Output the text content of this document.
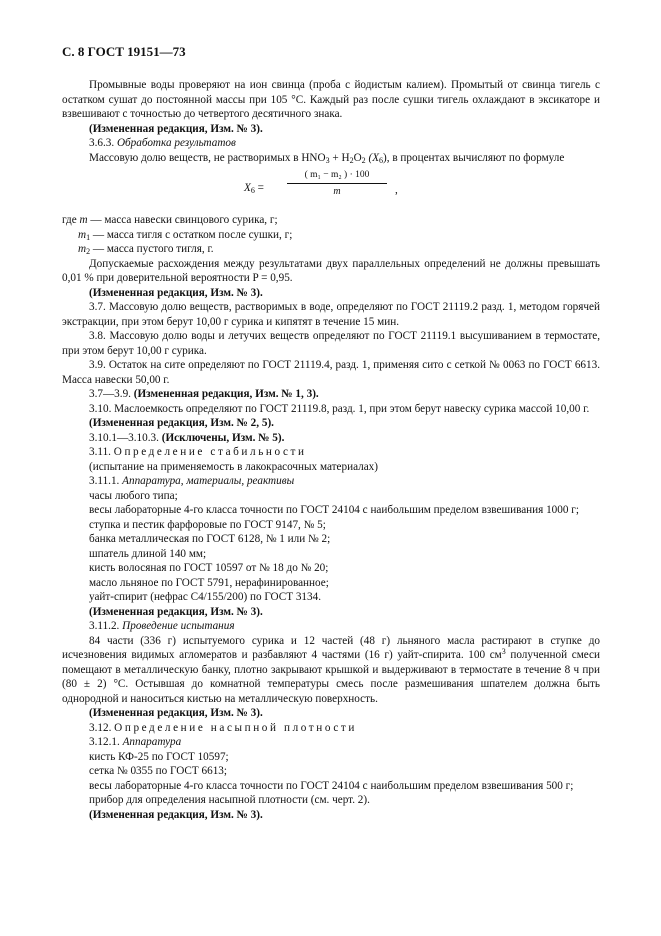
С. 8 ГОСТ 19151—73

Промывные воды проверяют на ион свинца (проба с йодистым калием). Промытый от свинца тигель с остатком сушат до постоянной массы при 105 °С. Каждый раз после сушки тигель охлаждают в эксикаторе и взвешивают с точностью до четвертого десятичного знака.

(Измененная редакция, Изм. № 3).

3.6.3. Обработка результатов

Массовую долю веществ, не растворимых в $HNO_3 + H_2O_2$ $(X_6)$, в процентах вычисляют по формуле

$X_6 = \frac{\text{( m₁ − m₂ ) · 100}}{m}$ ,

где m — масса навески свинцового сурика, г;

$m_1$ — масса тигля с остатком после сушки, г;

$m_2$ — масса пустого тигля, г.

Допускаемые расхождения между результатами двух параллельных определений не должны превышать 0,01 % при доверительной вероятности P = 0,95.

(Измененная редакция, Изм. № 3).

3.7. Массовую долю веществ, растворимых в воде, определяют по ГОСТ 21119.2 разд. 1, методом горячей экстракции, при этом берут 10,00 г сурика и кипятят в течение 15 мин.

3.8. Массовую долю воды и летучих веществ определяют по ГОСТ 21119.1 высушиванием в термостате, при этом берут 10,00 г сурика.

3.9. Остаток на сите определяют по ГОСТ 21119.4, разд. 1, применяя сито с сеткой № 0063 по ГОСТ 6613. Масса навески 50,00 г.

3.7—3.9. (Измененная редакция, Изм. № 1, 3).

3.10. Маслоемкость определяют по ГОСТ 21119.8, разд. 1, при этом берут навеску сурика массой 10,00 г.

(Измененная редакция, Изм. № 2, 5).

3.10.1—3.10.3. (Исключены, Изм. № 5).

3.11. Определение стабильности

(испытание на применяемость в лакокрасочных материалах)

3.11.1. Аппаратура, материалы, реактивы

часы любого типа;

весы лабораторные 4-го класса точности по ГОСТ 24104 с наибольшим пределом взвешивания 1000 г;

ступка и пестик фарфоровые по ГОСТ 9147, № 5;

банка металлическая по ГОСТ 6128, № 1 или № 2;

шпатель длиной 140 мм;

кисть волосяная по ГОСТ 10597 от № 18 до № 20;

масло льняное по ГОСТ 5791, нерафинированное;

уайт-спирит (нефрас С4/155/200) по ГОСТ 3134.

(Измененная редакция, Изм. № 3).

3.11.2. Проведение испытания

84 части (336 г) испытуемого сурика и 12 частей (48 г) льняного масла растирают в ступке до исчезновения видимых агломератов и разбавляют 4 частями (16 г) уайт-спирита. 100 $см^3$ полученной смеси помещают в металлическую банку, плотно закрывают крышкой и выдерживают в термостате в течение 8 ч при (80 ± 2) °С. Остывшая до комнатной температуры смесь после размешивания шпателем должна быть однородной и наноситься кистью на металлическую поверхность.

(Измененная редакция, Изм. № 3).

3.12. Определение насыпной плотности

3.12.1. Аппаратура

кисть КФ-25 по ГОСТ 10597;

сетка № 0355 по ГОСТ 6613;

весы лабораторные 4-го класса точности по ГОСТ 24104 с наибольшим пределом взвешивания 500 г;

прибор для определения насыпной плотности (см. черт. 2).

(Измененная редакция, Изм. № 3).
